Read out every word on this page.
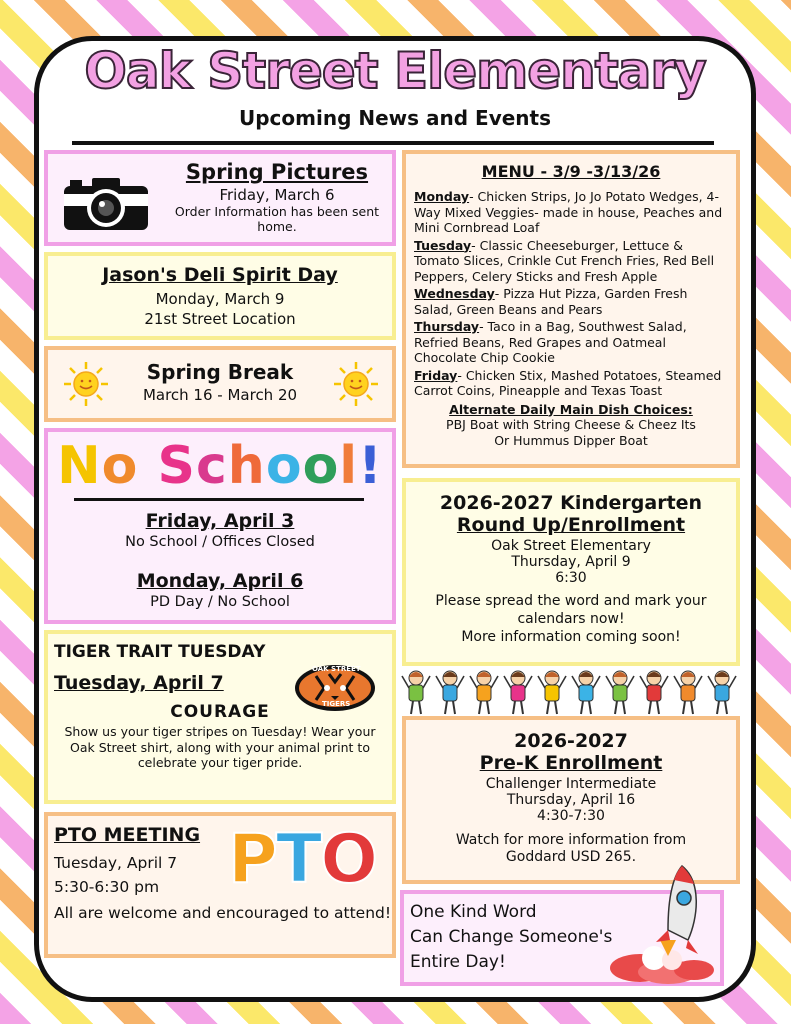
Oak Street Elementary
Upcoming News and Events
Spring Pictures
Friday, March 6
Order Information has been sent home.
Jason's Deli Spirit Day
Monday, March 9
21st Street Location
Spring Break
March 16 - March 20
No School!
Friday, April 3
No School / Offices Closed
Monday, April 6
PD Day / No School
TIGER TRAIT TUESDAY
Tuesday, April 7
OAK STREET
TIGERS
COURAGE
Show us your tiger stripes on Tuesday! Wear your Oak Street shirt, along with your animal print to celebrate your tiger pride.
PTO MEETING
Tuesday, April 7
5:30-6:30 pm
All are welcome and encouraged to attend!
PTO
MENU - 3/9 -3/13/26
Monday- Chicken Strips, Jo Jo Potato Wedges, 4-Way Mixed Veggies- made in house, Peaches and Mini Cornbread Loaf
Tuesday- Classic Cheeseburger, Lettuce & Tomato Slices, Crinkle Cut French Fries, Red Bell Peppers, Celery Sticks and Fresh Apple
Wednesday- Pizza Hut Pizza, Garden Fresh Salad, Green Beans and Pears
Thursday- Taco in a Bag, Southwest Salad, Refried Beans, Red Grapes and Oatmeal Chocolate Chip Cookie
Friday- Chicken Stix, Mashed Potatoes, Steamed Carrot Coins, Pineapple and Texas Toast
Alternate Daily Main Dish Choices:
PBJ Boat with String Cheese & Cheez Its
Or Hummus Dipper Boat
2026-2027 Kindergarten
Round Up/Enrollment
Oak Street Elementary
Thursday, April 9
6:30
Please spread the word and mark your calendars now!
More information coming soon!
2026-2027
Pre-K Enrollment
Challenger Intermediate
Thursday, April 16
4:30-7:30
Watch for more information from Goddard USD 265.
One Kind Word
Can Change Someone's
Entire Day!
